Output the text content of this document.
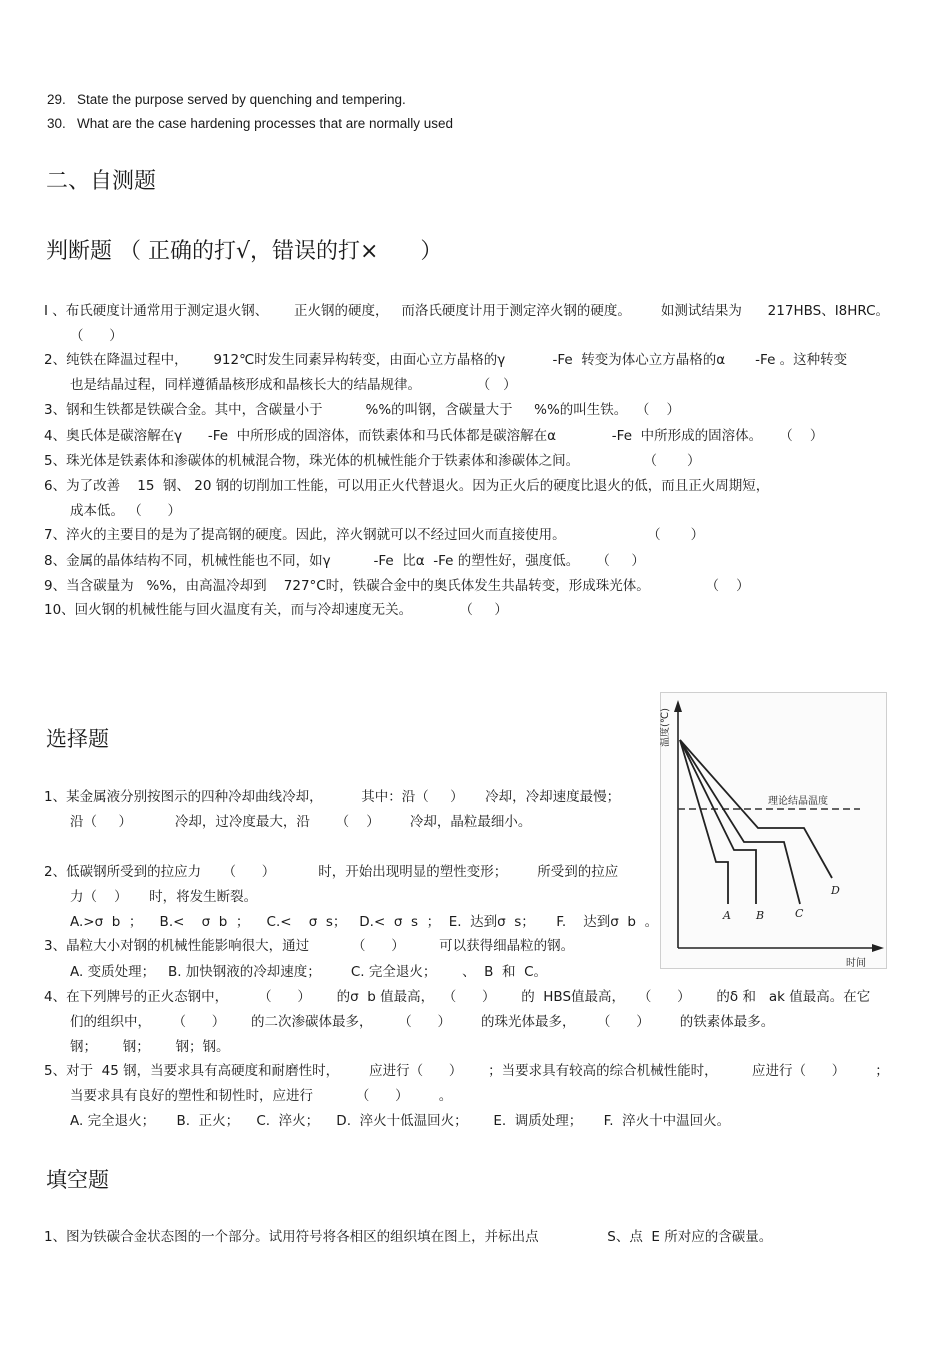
29. State the purpose served by quenching and tempering.
30. What are the case hardening processes that are normally used
二、自测题
判断题 （ 正确的打√，错误的打×      ）
I 、布氏硬度计通常用于测定退火钢、      正火钢的硬度，   而洛氏硬度计用于测定淬火钢的硬度。       如测试结果为      217HBS、I8HRC。
（      ）
2、纯铁在降温过程中，      912℃时发生同素异构转变，由面心立方晶格的γ           -Fe  转变为体心立方晶格的α       -Fe 。这种转变
也是结晶过程，同样遵循晶核形成和晶核长大的结晶规律。             （   ）
3、钢和生铁都是铁碳合金。其中，含碳量小于          %%的叫钢，含碳量大于     %%的叫生铁。  （    ）
4、奥氏体是碳溶解在γ      -Fe  中所形成的固溶体，而铁素体和马氏体都是碳溶解在α             -Fe  中所形成的固溶体。    （    ）
5、珠光体是铁素体和渗碳体的机械混合物，珠光体的机械性能介于铁素体和渗碳体之间。               （       ）
6、为了改善    15  钢、 20 钢的切削加工性能，可以用正火代替退火。因为正火后的硬度比退火的低，而且正火周期短，
成本低。 （      ）
7、淬火的主要目的是为了提高钢的硬度。因此，淬火钢就可以不经过回火而直接使用。                   （       ）
8、金属的晶体结构不同，机械性能也不同，如γ          -Fe  比α  -Fe 的塑性好，强度低。    （     ）
9、当含碳量为   %%，由高温冷却到    727°C时，铁碳合金中的奥氏体发生共晶转变，形成珠光体。             （    ）
10、回火钢的机械性能与回火温度有关，而与冷却速度无关。           （     ）
选择题
1、某金属液分别按图示的四种冷却曲线冷却，         其中：沿（     ）     冷却，冷却速度最慢；
沿（     ）          冷却，过冷度最大，沿      （    ）       冷却，晶粒最细小。
2、低碳钢所受到的拉应力     （      ）          时，开始出现明显的塑性变形；       所受到的拉应
力（    ）     时，将发生断裂。
A.>σ  b  ；    B.<    σ  b  ；    C.<    σ  s；   D.<  σ  s  ；  E.  达到σ  s；     F.    达到σ  b  。
3、晶粒大小对钢的机械性能影响很大，通过          （      ）        可以获得细晶粒的钢。
A. 变质处理；   B. 加快钢液的冷却速度；       C. 完全退火；      、  B  和  C。
4、在下列牌号的正火态钢中，       （      ）      的σ  b 值最高，  （      ）      的  HBS值最高，   （      ）      的δ 和   ak 值最高。在它
们的组织中，     （      ）      的二次渗碳体最多，      （      ）       的珠光体最多，     （      ）       的铁素体最多。
钢；      钢；      钢；钢。
5、对于  45 钢，当要求具有高硬度和耐磨性时，       应进行（      ）      ；当要求具有较高的综合机械性能时，        应进行（      ）       ；
当要求具有良好的塑性和韧性时，应进行          （      ）       。
A. 完全退火；     B.  正火；    C.  淬火；    D.  淬火十低温回火；      E.  调质处理；     F.  淬火十中温回火。
填空题
1、图为铁碳合金状态图的一个部分。试用符号将各相区的组织填在图上，并标出点                S、点  E 所对应的含碳量。
温度(℃)
时间
理论结晶温度
A B	C
D
